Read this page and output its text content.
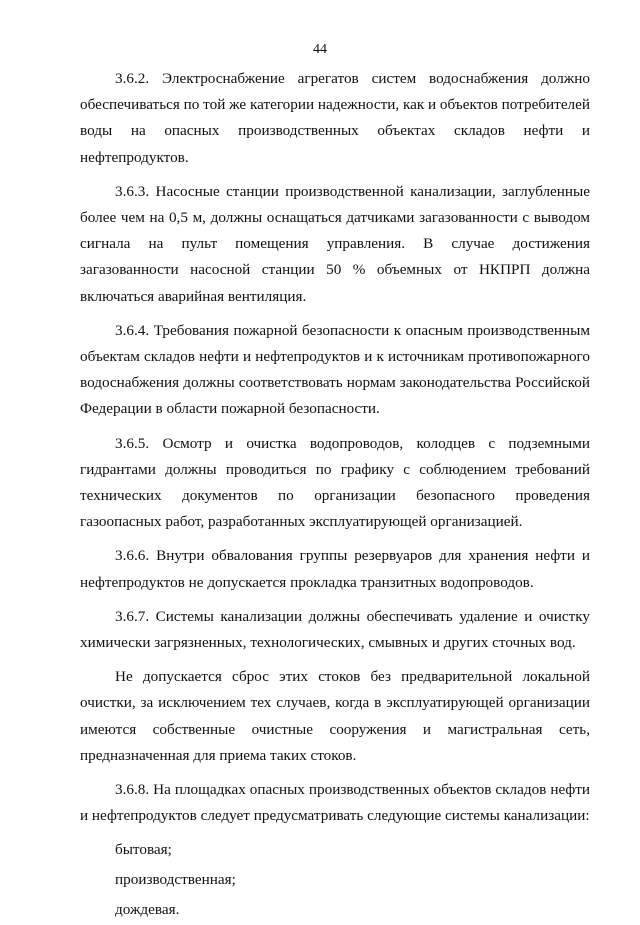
44

3.6.2. Электроснабжение агрегатов систем водоснабжения должно обеспечиваться по той же категории надежности, как и объектов потребителей воды на опасных производственных объектах складов нефти и нефтепродуктов.

3.6.3. Насосные станции производственной канализации, заглубленные более чем на 0,5 м, должны оснащаться датчиками загазованности с выводом сигнала на пульт помещения управления. В случае достижения загазованности насосной станции 50 % объемных от НКПРП должна включаться аварийная вентиляция.

3.6.4. Требования пожарной безопасности к опасным производственным объектам складов нефти и нефтепродуктов и к источникам противопожарного водоснабжения должны соответствовать нормам законодательства Российской Федерации в области пожарной безопасности.

3.6.5. Осмотр и очистка водопроводов, колодцев с подземными гидрантами должны проводиться по графику с соблюдением требований технических документов по организации безопасного проведения газоопасных работ, разработанных эксплуатирующей организацией.

3.6.6. Внутри обвалования группы резервуаров для хранения нефти и нефтепродуктов не допускается прокладка транзитных водопроводов.

3.6.7. Системы канализации должны обеспечивать удаление и очистку химически загрязненных, технологических, смывных и других сточных вод.

Не допускается сброс этих стоков без предварительной локальной очистки, за исключением тех случаев, когда в эксплуатирующей организации имеются собственные очистные сооружения и магистральная сеть, предназначенная для приема таких стоков.

3.6.8. На площадках опасных производственных объектов складов нефти и нефтепродуктов следует предусматривать следующие системы канализации:

бытовая;
производственная;
дождевая.
